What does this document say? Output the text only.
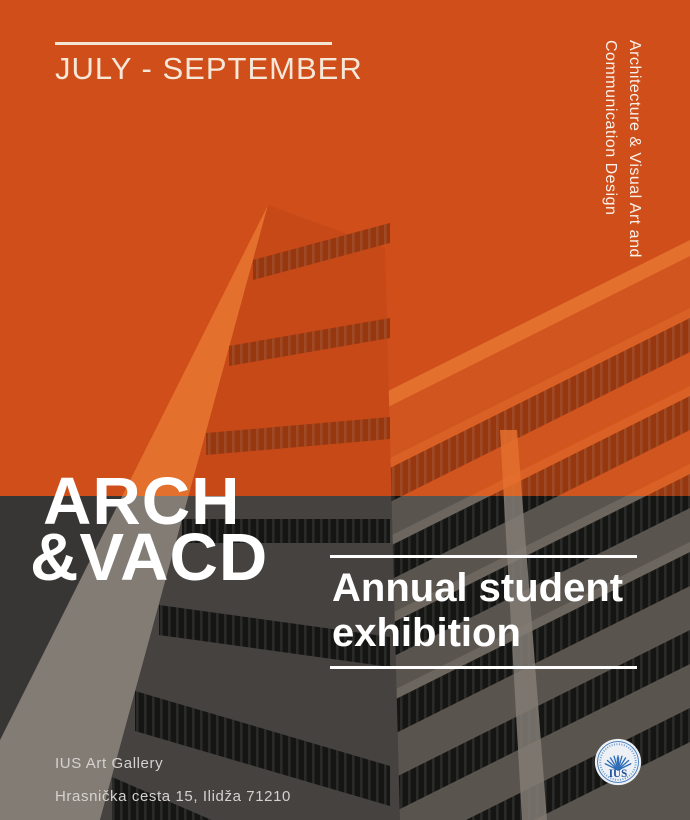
JULY - SEPTEMBER	Architecture & Visual Art and
Communication Design
ARCH
&VACD Annual student
exhibition
IUS Art Gallery
Hrasnička cesta 15, Ilidža 71210
IUS
